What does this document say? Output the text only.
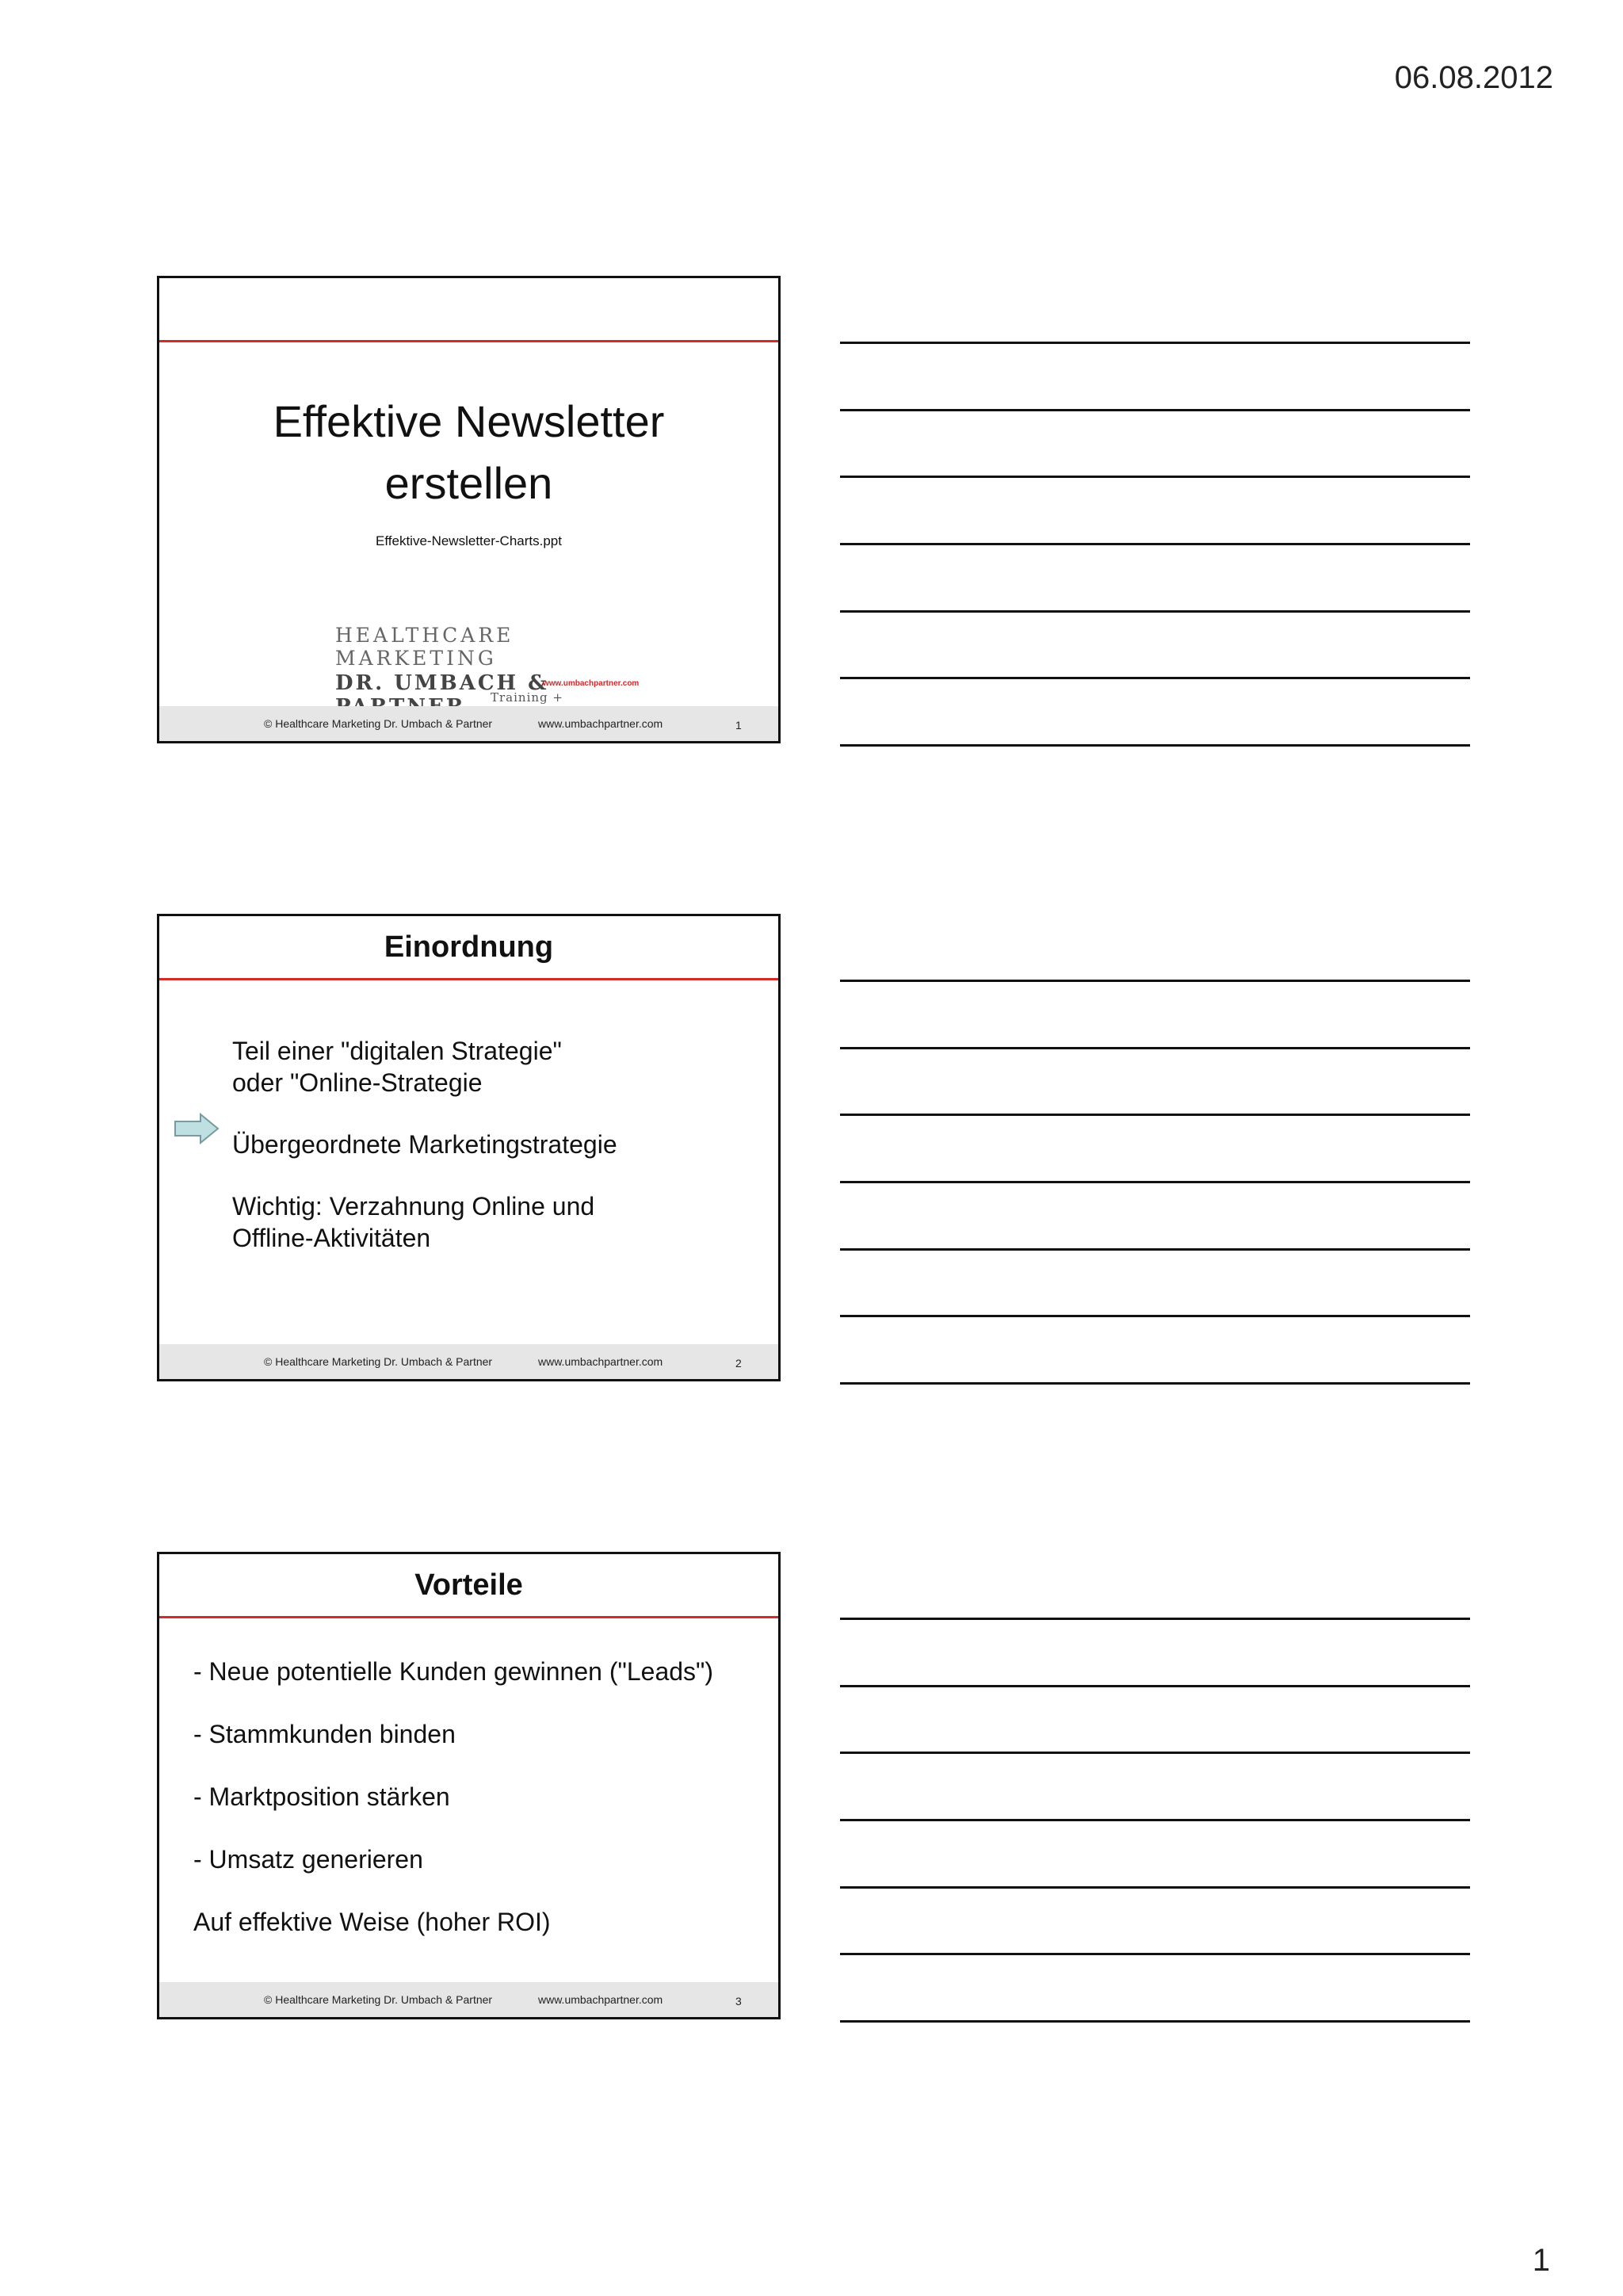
06.08.2012
Effektive Newsletter
erstellen
Effektive-Newsletter-Charts.ppt
HEALTHCARE MARKETING
DR. UMBACH &
www.umbachpartner.com
Training +
© Healthcare Marketing Dr. Umbach & Partner	www.umbachpartner.com	1
Einordnung

Teil einer "digitalen Strategie"
oder "Online-Strategie

Übergeordnete Marketingstrategie

Wichtig: Verzahnung Online und
Offline-Aktivitäten

© Healthcare Marketing Dr. Umbach & Partner	www.umbachpartner.com	2
Vorteile

- Neue potentielle Kunden gewinnen ("Leads")

- Stammkunden binden

- Marktposition stärken

- Umsatz generieren

Auf effektive Weise (hoher ROI)

© Healthcare Marketing Dr. Umbach & Partner	www.umbachpartner.com	3
1
